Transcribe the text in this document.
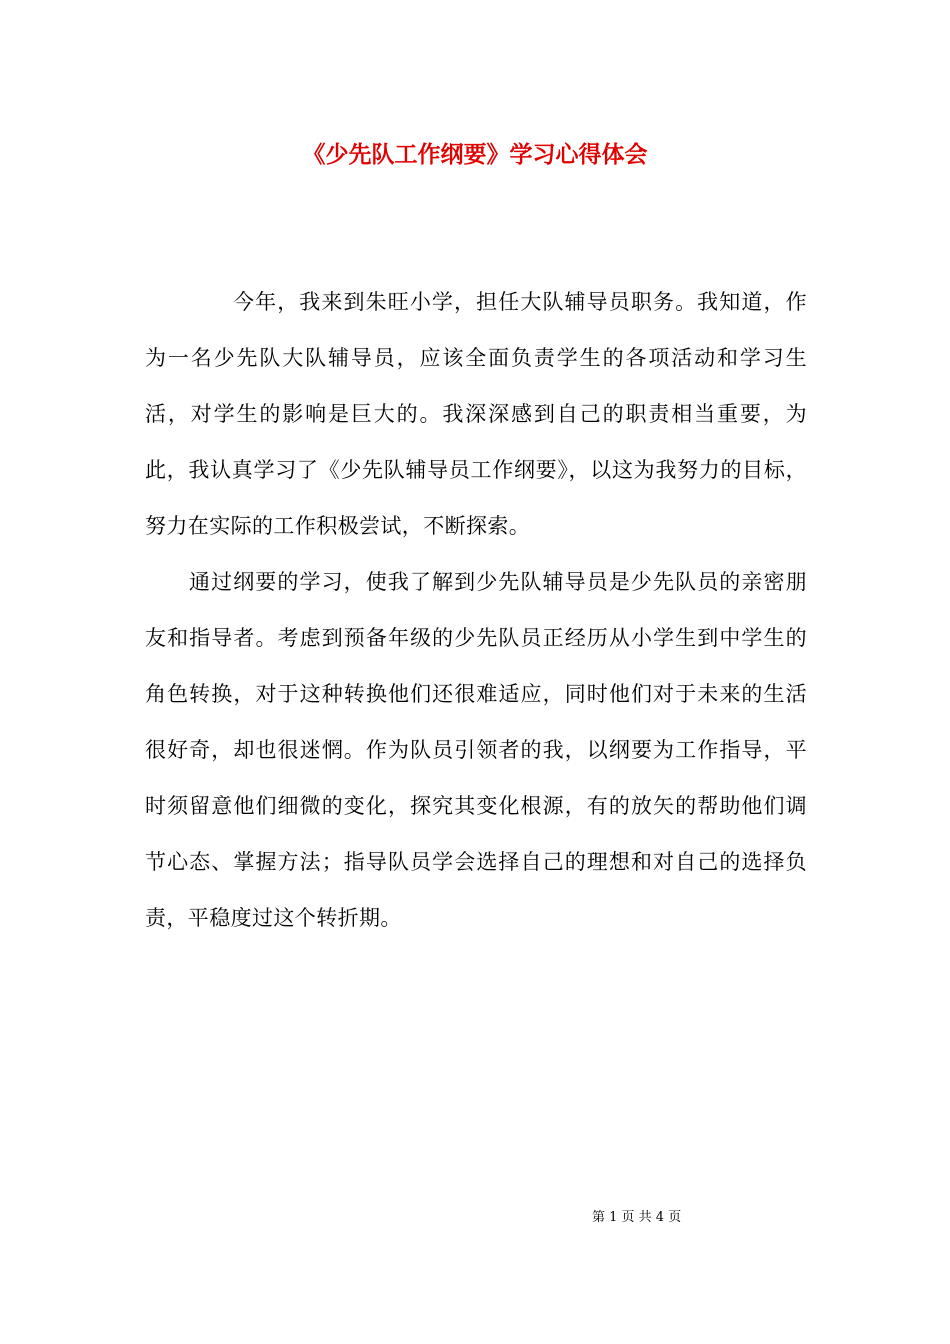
《少先队工作纲要》学习心得体会

今年，我来到朱旺小学，担任大队辅导员职务。我知道，作为一名少先队大队辅导员，应该全面负责学生的各项活动和学习生活，对学生的影响是巨大的。我深深感到自己的职责相当重要，为此，我认真学习了《少先队辅导员工作纲要》，以这为我努力的目标，努力在实际的工作积极尝试，不断探索。

通过纲要的学习，使我了解到少先队辅导员是少先队员的亲密朋友和指导者。考虑到预备年级的少先队员正经历从小学生到中学生的角色转换，对于这种转换他们还很难适应，同时他们对于未来的生活很好奇，却也很迷惘。作为队员引领者的我，以纲要为工作指导，平时须留意他们细微的变化，探究其变化根源，有的放矢的帮助他们调节心态、掌握方法；指导队员学会选择自己的理想和对自己的选择负责，平稳度过这个转折期。

第 1 页 共 4 页
